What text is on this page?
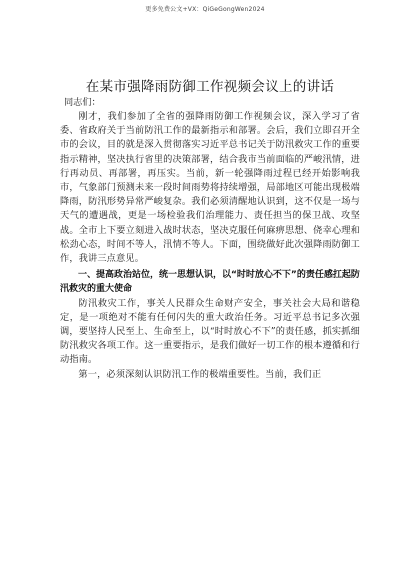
更多免费公文+VX：QiGeGongWen2024
在某市强降雨防御工作视频会议上的讲话

同志们：

刚才，我们参加了全省的强降雨防御工作视频会议，深入学习了省委、省政府关于当前防汛工作的最新指示和部署。会后，我们立即召开全市的会议，目的就是深入贯彻落实习近平总书记关于防汛救灾工作的重要指示精神，坚决执行省里的决策部署，结合我市当前面临的严峻汛情，进行再动员、再部署，再压实。当前，新一轮强降雨过程已经开始影响我市，气象部门预测未来一段时间雨势将持续增强，局部地区可能出现极端降雨，防汛形势异常严峻复杂。我们必须清醒地认识到，这不仅是一场与天气的遭遇战，更是一场检验我们治理能力、责任担当的保卫战、攻坚战。全市上下要立刻进入战时状态，坚决克服任何麻痹思想、侥幸心理和松劲心态，时间不等人，汛情不等人。下面，围绕做好此次强降雨防御工作，我讲三点意见。

一、提高政治站位，统一思想认识，以“时时放心不下”的责任感扛起防汛救灾的重大使命

防汛救灾工作，事关人民群众生命财产安全，事关社会大局和谐稳定，是一项绝对不能有任何闪失的重大政治任务。习近平总书记多次强调，要坚持人民至上、生命至上，以“时时放心不下”的责任感，抓实抓细防汛救灾各项工作。这一重要指示，是我们做好一切工作的根本遵循和行动指南。

第一，必须深刻认识防汛工作的极端重要性。当前，我们正
